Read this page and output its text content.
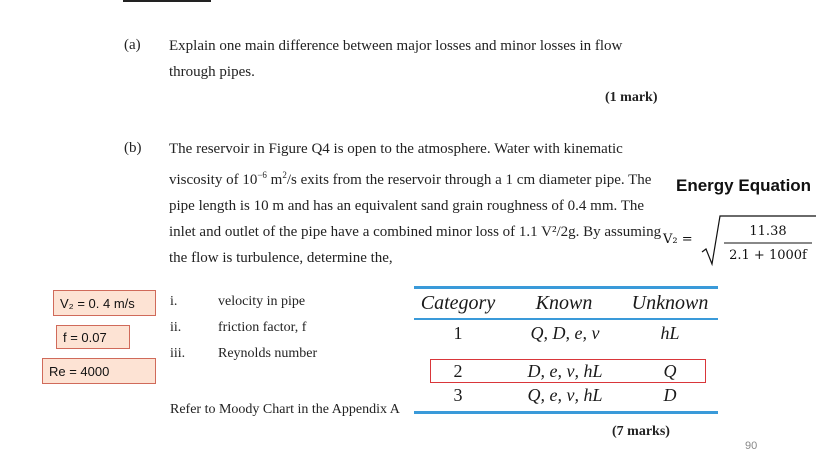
(a) Explain one main difference between major losses and minor losses in flow
through pipes.
(1 mark)
(b) The reservoir in Figure Q4 is open to the atmosphere. Water with kinematic
viscosity of $10^{-6}$ $m^2/s$ exits from the reservoir through a 1 cm diameter pipe. The
pipe length is 10 m and has an equivalent sand grain roughness of 0.4 mm. The
inlet and outlet of the pipe have a combined minor loss of 1.1 V²/2g. By assuming
the flow is turbulence, determine the,
Energy Equation
V₂ =
11.38
2.1 + 1000f
V₂ = 0. 4 m/s
f = 0.07
Re = 4000
i.	velocity in pipe
ii.	friction factor, f
iii. Reynolds number
Refer to Moody Chart in the Appendix A
Category	Known	Unknown
1	Q, D, e, ν	hL
2	D, e, ν, hL	Q
3	Q, e, ν, hL	D
(7 marks)
90
